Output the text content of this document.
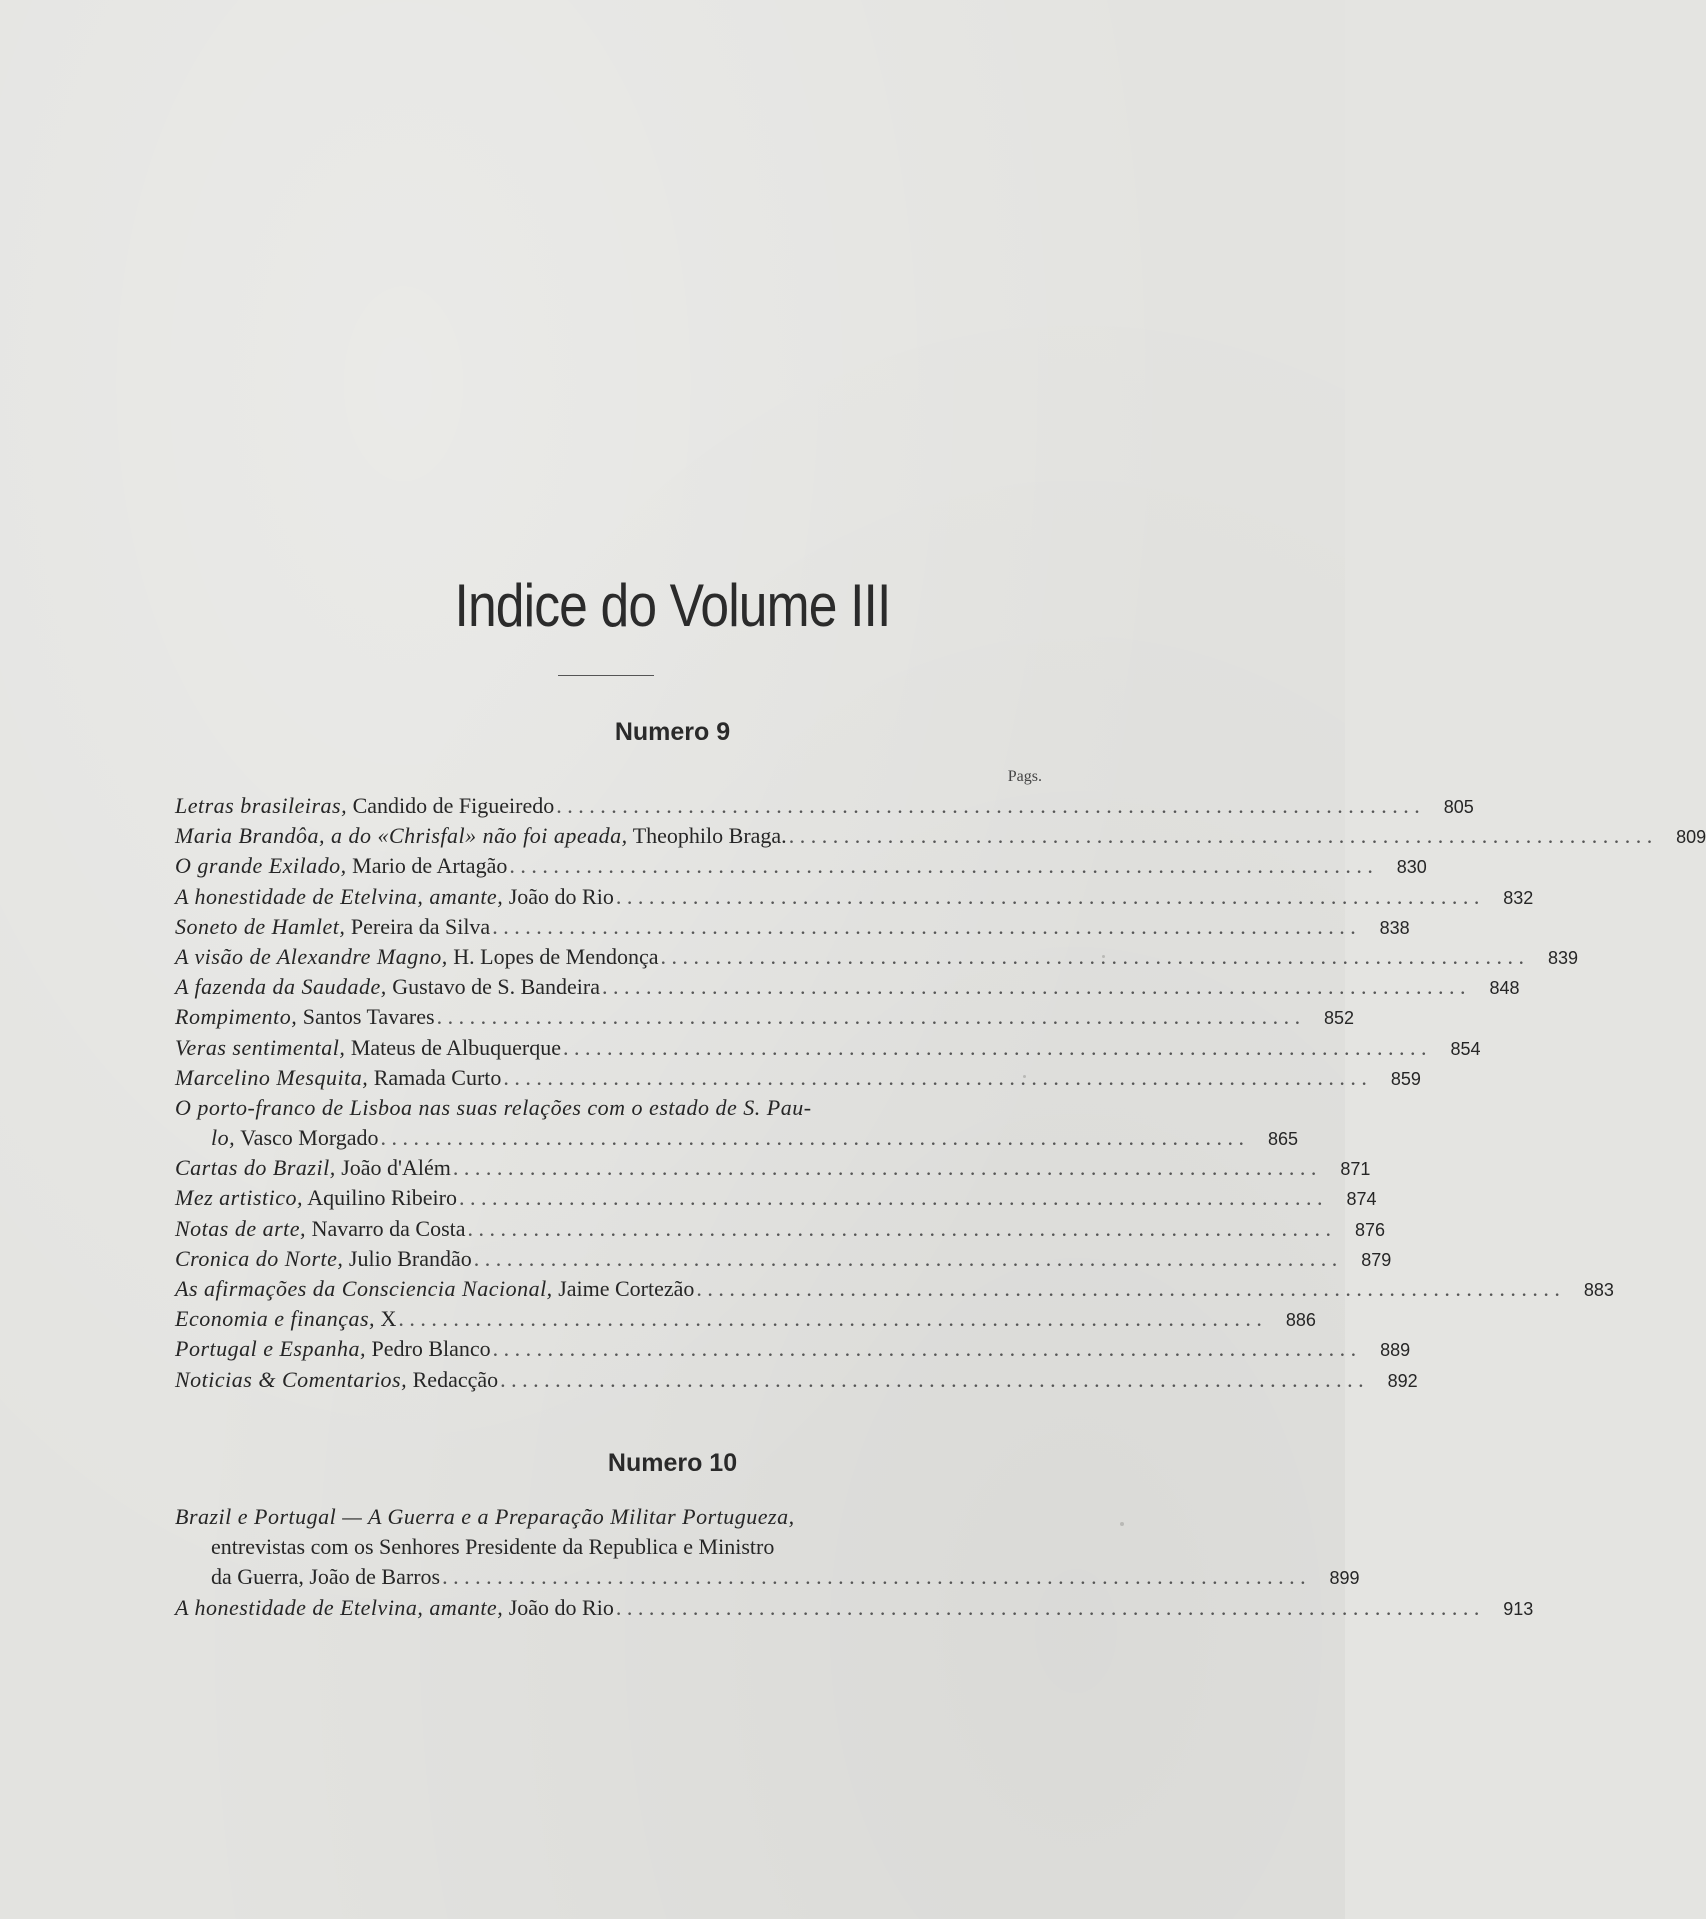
Indice do Volume III
Numero 9
Pags.
Letras brasileiras, Candido de Figueiredo . . .	805
Maria Brandôa, a do «Chrisfal» não foi apeada, Theophilo Braga. . . .	809
O grande Exilado, Mario de Artagão . . .	830
A honestidade de Etelvina, amante, João do Rio . . .	832
Soneto de Hamlet, Pereira da Silva . . .	838
A visão de Alexandre Magno, H. Lopes de Mendonça . . .	839
A fazenda da Saudade, Gustavo de S. Bandeira . . .	848
Rompimento, Santos Tavares . . .	852
Veras sentimental, Mateus de Albuquerque . . .	854
Marcelino Mesquita, Ramada Curto . . .	859
O porto-franco de Lisboa nas suas relações com o estado de S. Pau-
lo, Vasco Morgado . . .	865
Cartas do Brazil, João d'Além . . .	871
Mez artistico, Aquilino Ribeiro . . .	874
Notas de arte, Navarro da Costa . . .	876
Cronica do Norte, Julio Brandão . . .	879
As afirmações da Consciencia Nacional, Jaime Cortezão . . .	883
Economia e finanças, X . . .	886
Portugal e Espanha, Pedro Blanco . . .	889
Noticias & Comentarios, Redacção . . .	892
Numero 10
Brazil e Portugal — A Guerra e a Preparação Militar Portugueza,
entrevistas com os Senhores Presidente da Republica e Ministro
da Guerra, João de Barros . . .	899
A honestidade de Etelvina, amante, João do Rio . . .	913
